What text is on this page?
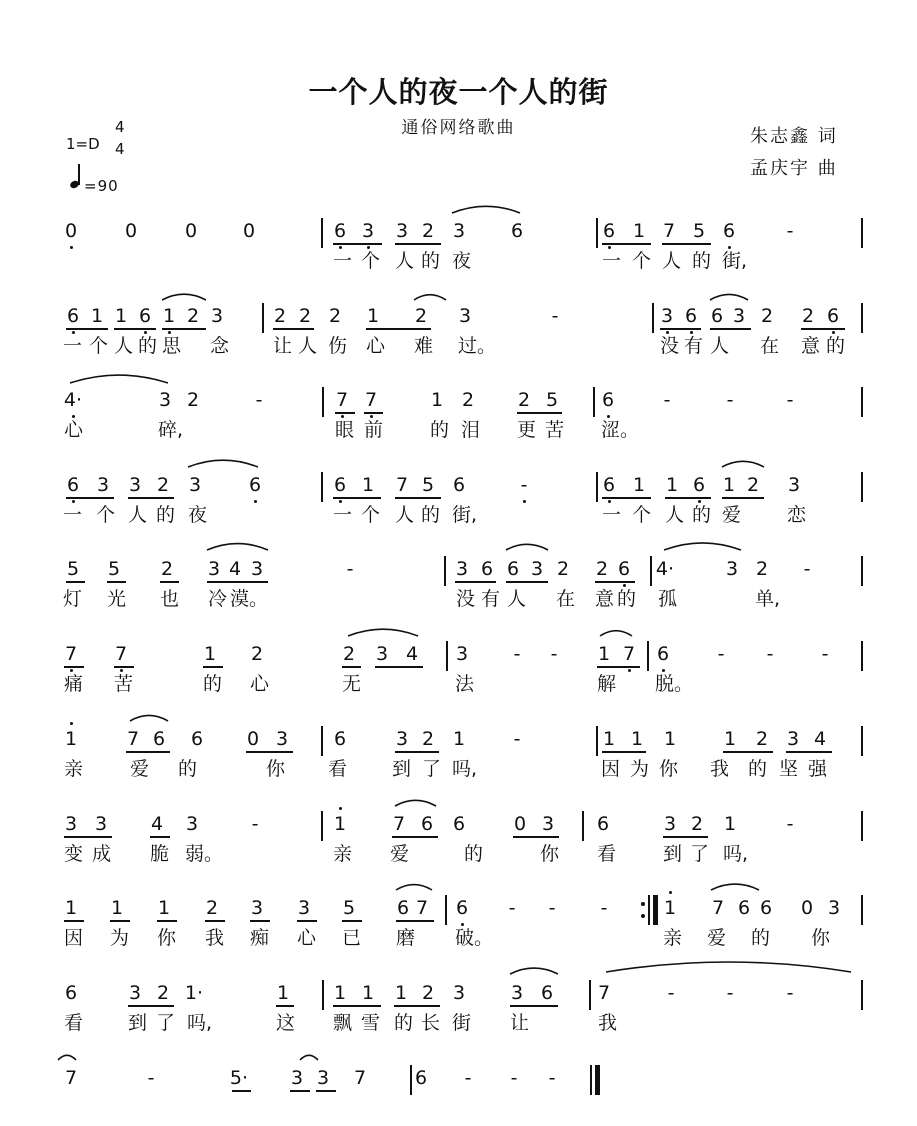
一个人的夜一个人的街
通俗网络歌曲	朱志鑫 词
孟庆宇 曲
1=D
4
4
=90
0	0	0 0	6 3 3 2 3 6	6 1 7 5 6	-
一 个 人 的 夜	一 个 人 的 街,
6 1 1 6 1 2 3	2 2 2 1 2 3	-	3 6 6 3 2 2 6
一 个 人 的 思 念 让 人 伤 心 难 过。	没 有 人 在 意 的
4·	3 2	-	7 7	1 2 2 5 6	-	-	-
心	碎,	眼 前 的 泪 更 苦 涩。
6 3 3 2 3	6	6 1 7 5 6	-	6 1 1 6 1 2 3
一 个 人 的 夜	一 个 人 的 街,	一 个 人 的 爱 恋
5 5 2 3 4 3	-	3 6 6 3 2 2 6 4·	3 2	-
灯 光 也 冷 漠。	没 有 人 在 意 的 孤	单,
7 7	1 2	2 3 4 3	-	-	1 7 6	-	-	-
痛 苦	的 心	无	法	解 脱。
1	7 6 6 0 3 6	3 2 1	-	1 1 1	1 2 3 4
亲 爱 的	你 看 到 了 吗,	因 为 你 我 的 坚 强
3 3 4 3	-	1 7 6 6	0 3 6	3 2 1	-
变 成 脆 弱。	亲 爱	的	你 看 到 了 吗,
1 1 1 2 3 3 5 6 7 6	-	-	-	1 7 6 6 0 3
因 为 你 我 痴 心 已 磨 破。	亲 爱 的 你
6	3 2 1·	1 1 1 1 2 3 3 6 7	-	-	-
看 到 了 吗,	这 飘 雪 的 长 街 让	我
7	-	5· 3 3 7	6	-	-	-
